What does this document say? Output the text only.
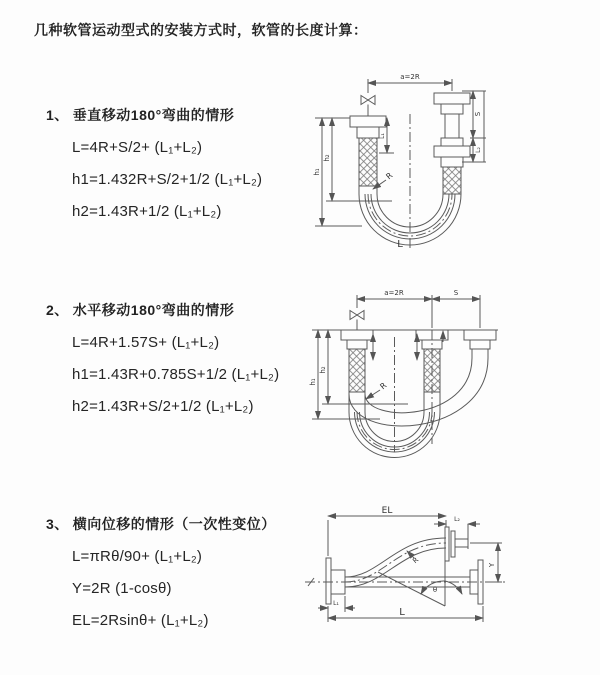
几种软管运动型式的安装方式时，软管的长度计算：
1、 垂直移动180°弯曲的情形
L=4R+S/2+ (L₁+L₂)
h1=1.432R+S/2+1/2 (L₁+L₂)
h2=1.43R+1/2 (L₁+L₂)
2、 水平移动180°弯曲的情形
L=4R+1.57S+ (L₁+L₂)
h1=1.43R+0.785S+1/2 (L₁+L₂)
h2=1.43R+S/2+1/2 (L₁+L₂)
3、 横向位移的情形（一次性变位）
L=πRθ/90+ (L₁+L₂)
Y=2R (1-cosθ)
EL=2Rsinθ+ (L₁+L₂)
a=2R
h₁
h₂
L₁
S
L₂
R
L
a=2R	S
h₁
h₂
R
EL
L₂
Y
R
θ
L
L₁
